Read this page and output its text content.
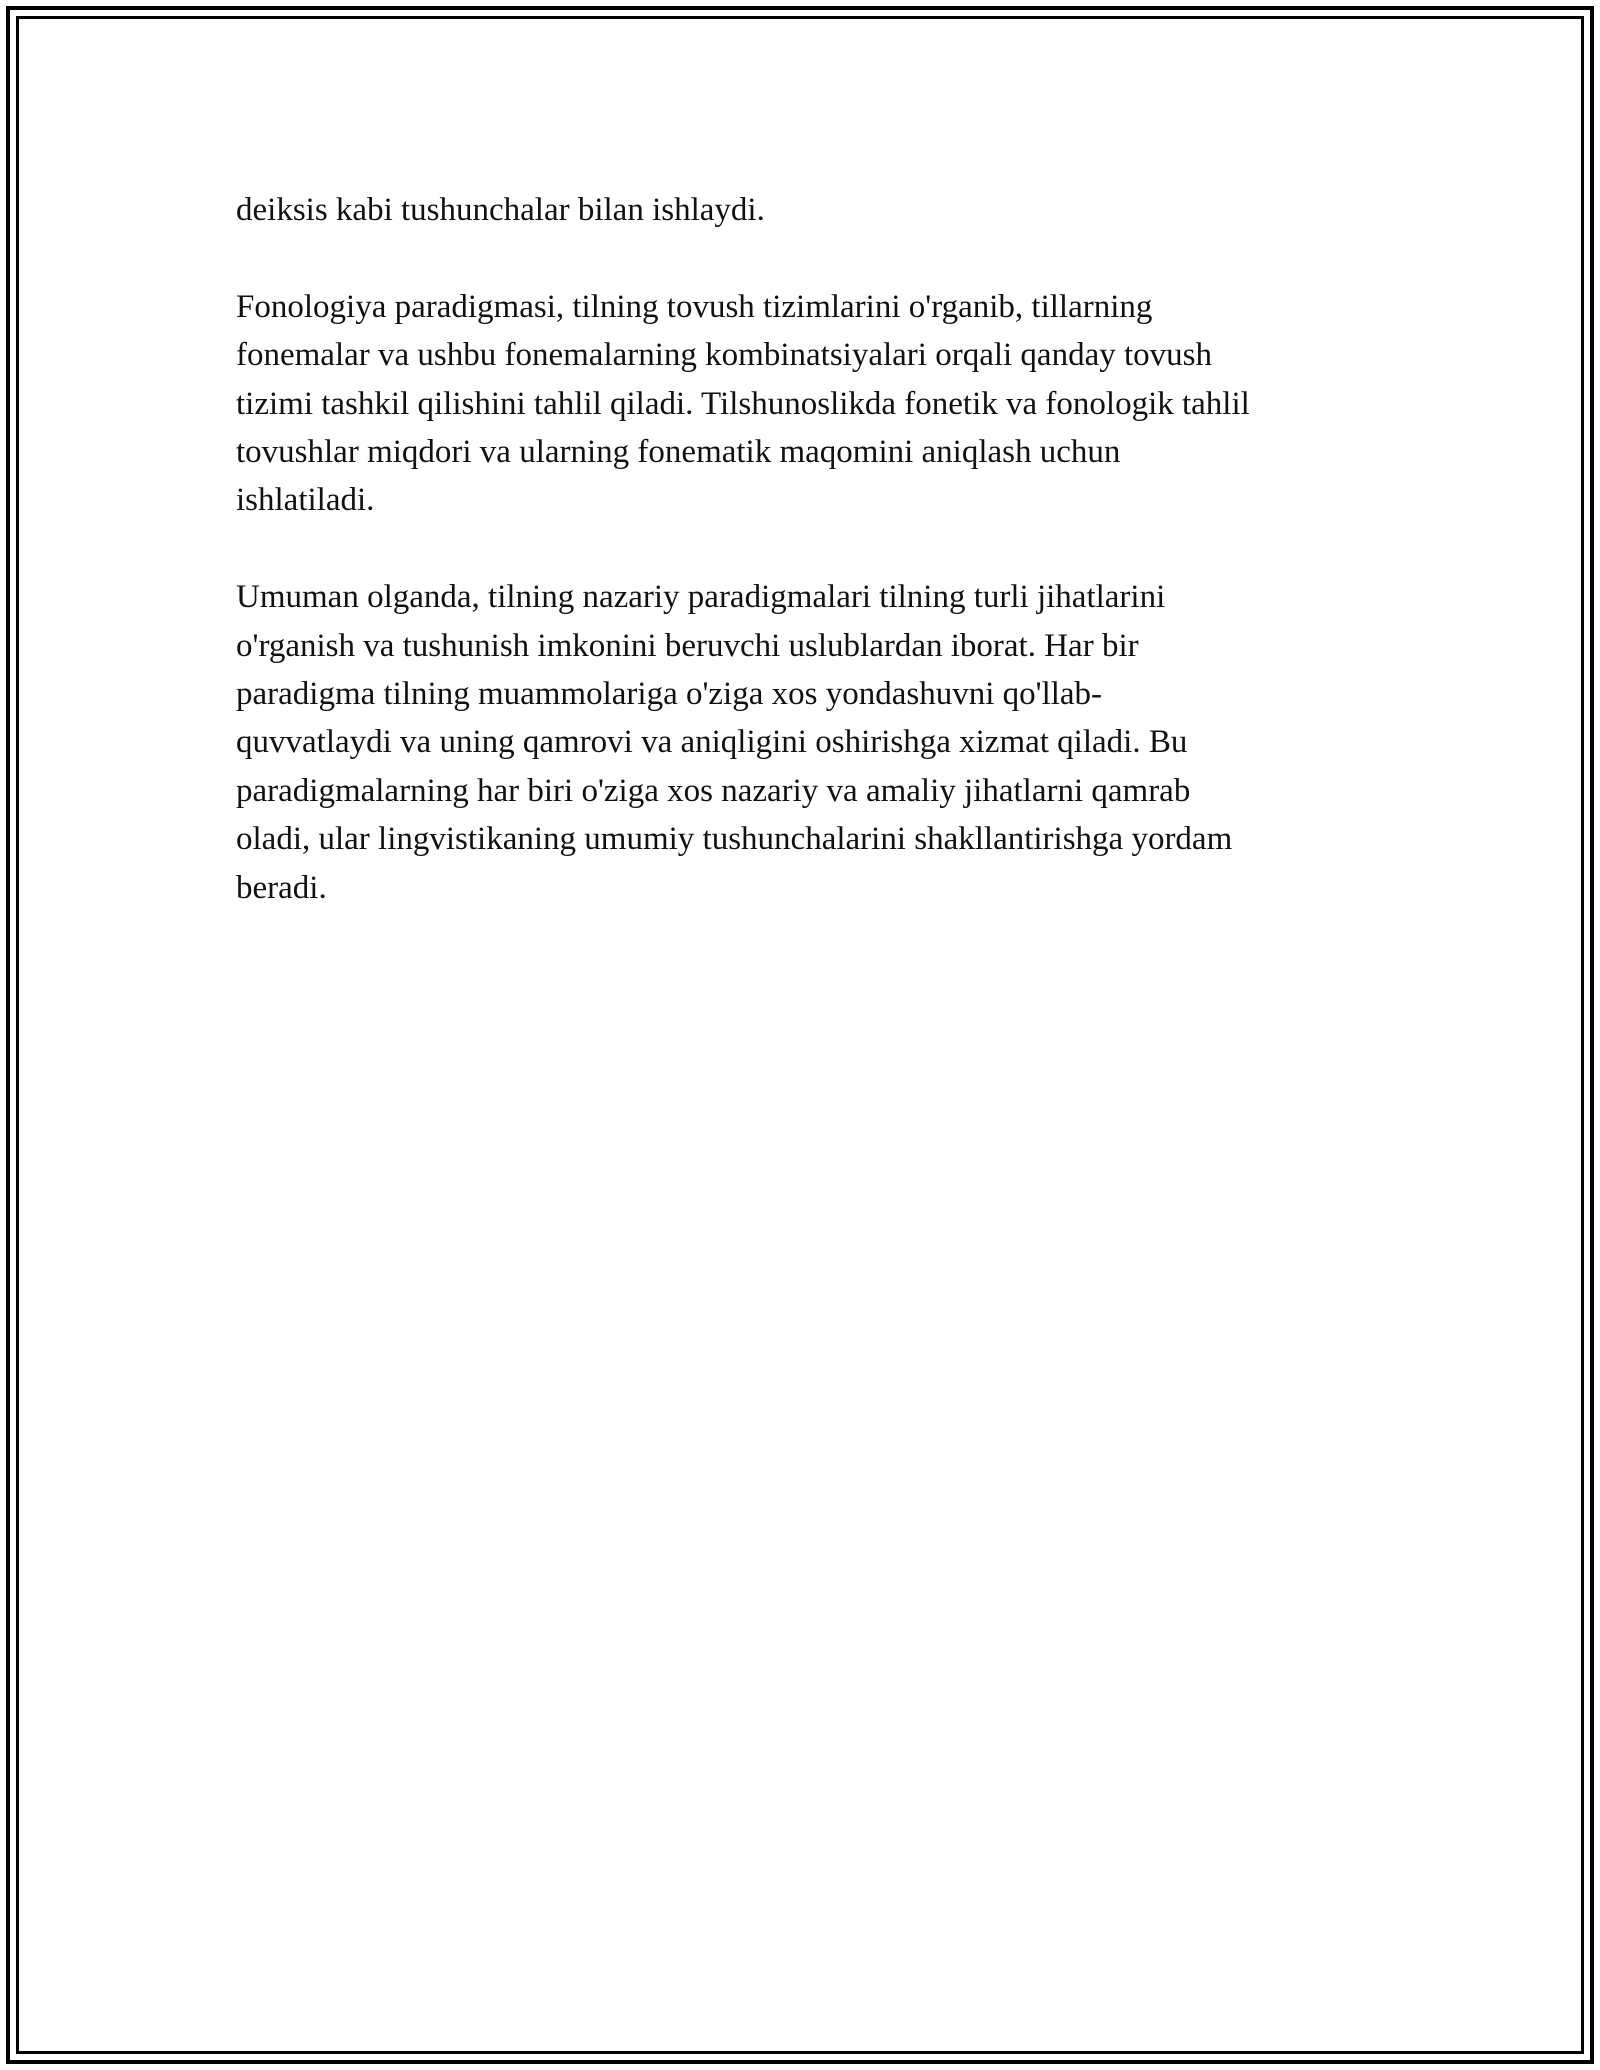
deiksis kabi tushunchalar bilan ishlaydi.

Fonologiya paradigmasi, tilning tovush tizimlarini o'rganib, tillarning
fonemalar va ushbu fonemalarning kombinatsiyalari orqali qanday tovush
tizimi tashkil qilishini tahlil qiladi. Tilshunoslikda fonetik va fonologik tahlil
tovushlar miqdori va ularning fonematik maqomini aniqlash uchun
ishlatiladi.

Umuman olganda, tilning nazariy paradigmalari tilning turli jihatlarini
o'rganish va tushunish imkonini beruvchi uslublardan iborat. Har bir
paradigma tilning muammolariga o'ziga xos yondashuvni qo'llab-
quvvatlaydi va uning qamrovi va aniqligini oshirishga xizmat qiladi. Bu
paradigmalarning har biri o'ziga xos nazariy va amaliy jihatlarni qamrab
oladi, ular lingvistikaning umumiy tushunchalarini shakllantirishga yordam
beradi.
